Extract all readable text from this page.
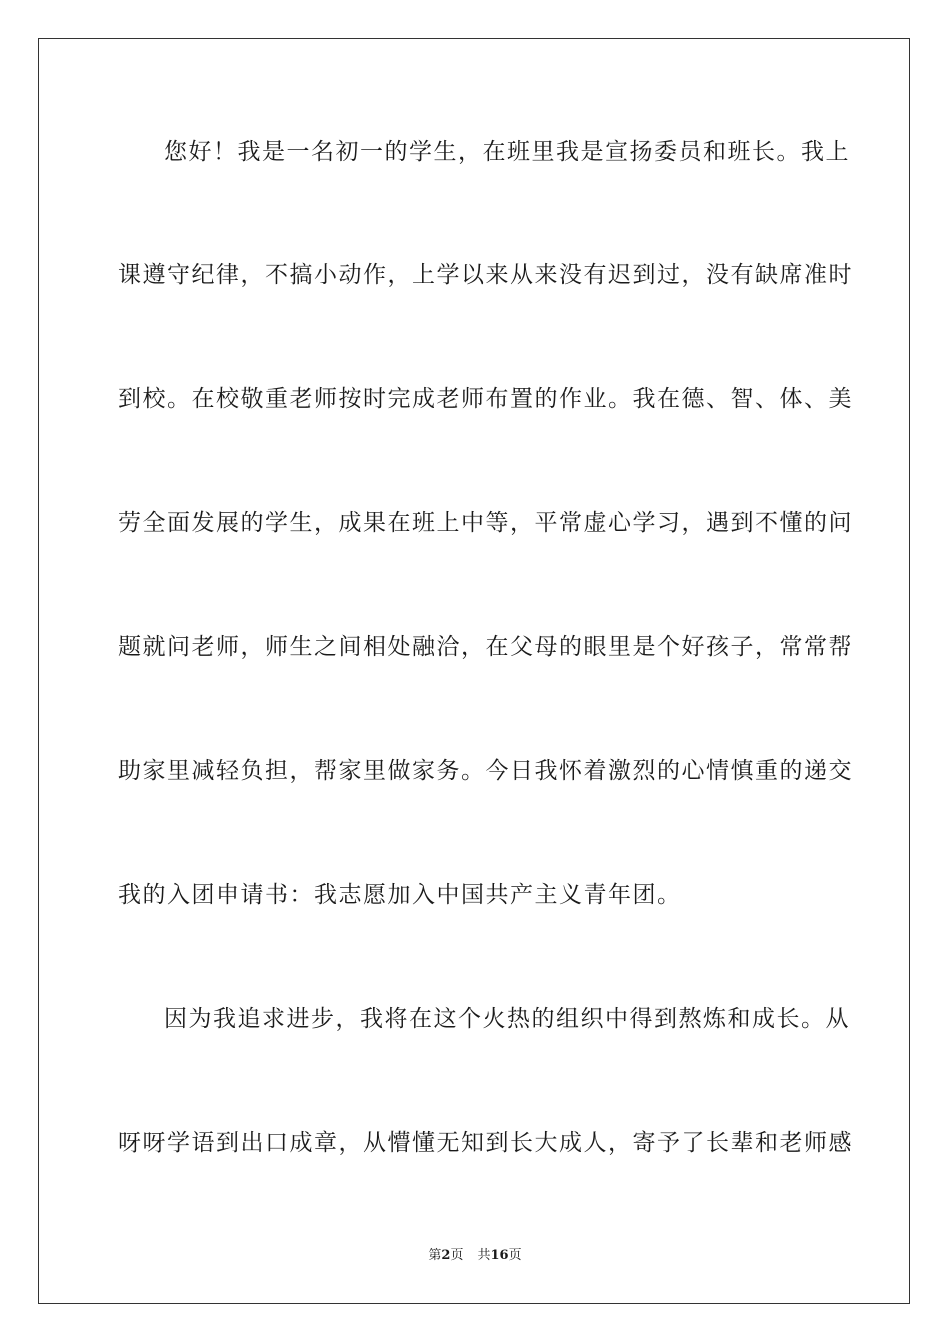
您好！我是一名初一的学生，在班里我是宣扬委员和班长。我上
课遵守纪律，不搞小动作，上学以来从来没有迟到过，没有缺席准时
到校。在校敬重老师按时完成老师布置的作业。我在德、智、体、美
劳全面发展的学生，成果在班上中等，平常虚心学习，遇到不懂的问
题就问老师，师生之间相处融洽，在父母的眼里是个好孩子，常常帮
助家里减轻负担，帮家里做家务。今日我怀着激烈的心情慎重的递交
我的入团申请书：我志愿加入中国共产主义青年团。
因为我追求进步，我将在这个火热的组织中得到熬炼和成长。从
呀呀学语到出口成章，从懵懂无知到长大成人，寄予了长辈和老师感
第2页 共16页
